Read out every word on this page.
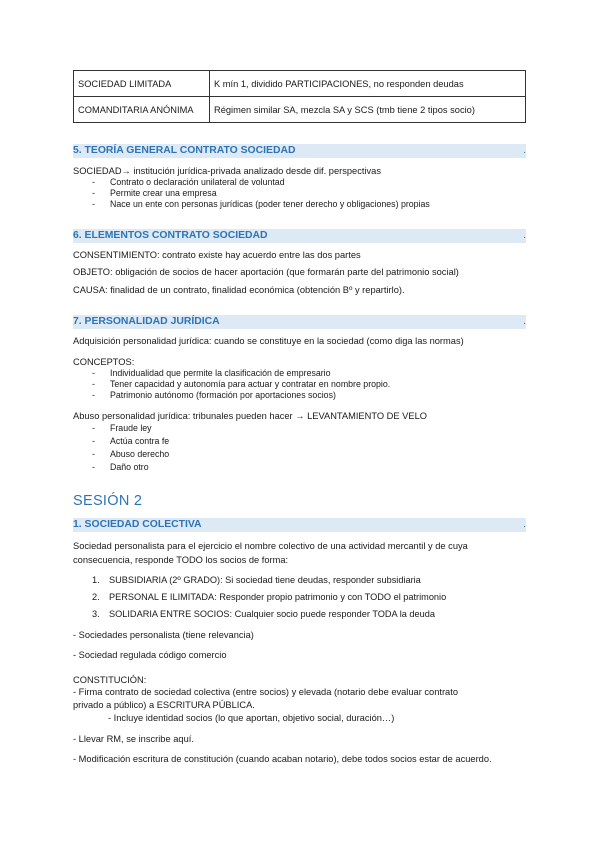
SOCIEDAD LIMITADA	K mín 1, dividido PARTICIPACIONES, no responden deudas
COMANDITARIA ANÓNIMA	Régimen similar SA, mezcla SA y SCS (tmb tiene 2 tipos socio)
5. TEORÍA GENERAL CONTRATO SOCIEDAD	.
SOCIEDAD→ institución jurídica-privada analizado desde dif. perspectivas
- Contrato o declaración unilateral de voluntad
- Permite crear una empresa
- Nace un ente con personas jurídicas (poder tener derecho y obligaciones) propias
6. ELEMENTOS CONTRATO SOCIEDAD	.
CONSENTIMIENTO: contrato existe hay acuerdo entre las dos partes
OBJETO: obligación de socios de hacer aportación (que formarán parte del patrimonio social)
CAUSA: finalidad de un contrato, finalidad económica (obtención Bº y repartirlo).
7. PERSONALIDAD JURÍDICA	.
Adquisición personalidad jurídica: cuando se constituye en la sociedad (como diga las normas)
CONCEPTOS:
- Individualidad que permite la clasificación de empresario
- Tener capacidad y autonomía para actuar y contratar en nombre propio.
- Patrimonio autónomo (formación por aportaciones socios)
Abuso personalidad jurídica: tribunales pueden hacer → LEVANTAMIENTO DE VELO
- Fraude ley
- Actúa contra fe
- Abuso derecho
- Daño otro
SESIÓN 2
1. SOCIEDAD COLECTIVA	.
Sociedad personalista para el ejercicio el nombre colectivo de una actividad mercantil y de cuya
consecuencia, responde TODO los socios de forma:
1. SUBSIDIARIA (2º GRADO): Si sociedad tiene deudas, responder subsidiaria
2. PERSONAL E ILIMITADA: Responder propio patrimonio y con TODO el patrimonio
3. SOLIDARIA ENTRE SOCIOS: Cualquier socio puede responder TODA la deuda
- Sociedades personalista (tiene relevancia)
- Sociedad regulada código comercio
CONSTITUCIÓN:
- Firma contrato de sociedad colectiva (entre socios) y elevada (notario debe evaluar contrato
privado a público) a ESCRITURA PÚBLICA.
- Incluye identidad socios (lo que aportan, objetivo social, duración…)
- Llevar RM, se inscribe aquí.
- Modificación escritura de constitución (cuando acaban notario), debe todos socios estar de acuerdo.
